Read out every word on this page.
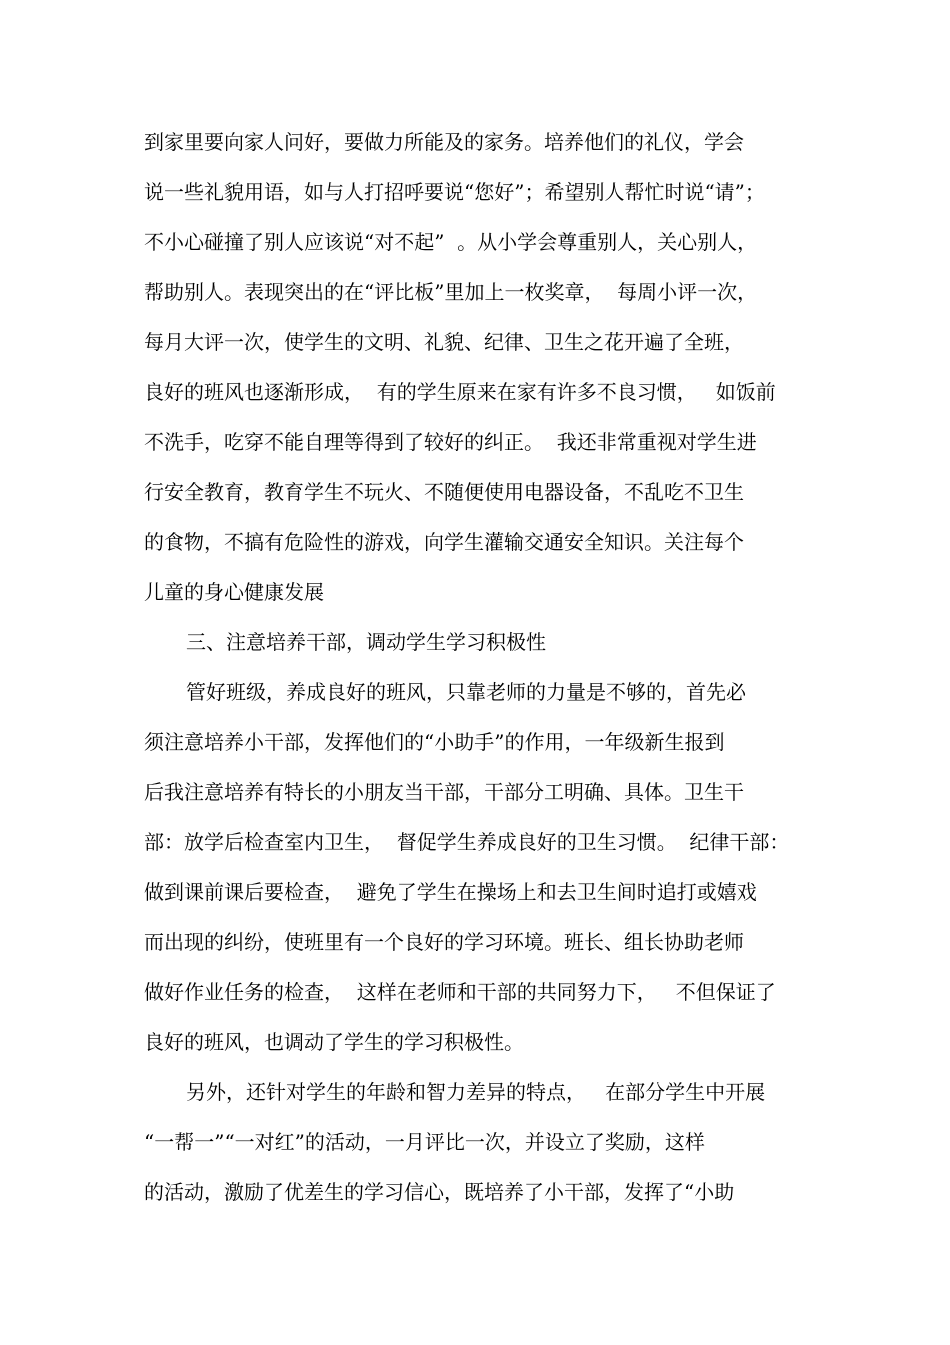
到家里要向家人问好，要做力所能及的家务。培养他们的礼仪，学会
说一些礼貌用语，如与人打招呼要说“您好”；希望别人帮忙时说“请”；
不小心碰撞了别人应该说“对不起”  。从小学会尊重别人，关心别人，
帮助别人。表现突出的在“评比板”里加上一枚奖章，  每周小评一次，
每月大评一次，使学生的文明、礼貌、纪律、卫生之花开遍了全班，
良好的班风也逐渐形成，  有的学生原来在家有许多不良习惯，   如饭前
不洗手，吃穿不能自理等得到了较好的纠正。  我还非常重视对学生进
行安全教育，教育学生不玩火、不随便使用电器设备，不乱吃不卫生
的食物，不搞有危险性的游戏，向学生灌输交通安全知识。关注每个
儿童的身心健康发展
三、注意培养干部，调动学生学习积极性
管好班级，养成良好的班风，只靠老师的力量是不够的，首先必
须注意培养小干部，发挥他们的“小助手”的作用，一年级新生报到
后我注意培养有特长的小朋友当干部，干部分工明确、具体。卫生干
部：放学后检查室内卫生，  督促学生养成良好的卫生习惯。  纪律干部：
做到课前课后要检查，  避免了学生在操场上和去卫生间时追打或嬉戏
而出现的纠纷，使班里有一个良好的学习环境。班长、组长协助老师
做好作业任务的检查，  这样在老师和干部的共同努力下，   不但保证了
良好的班风，也调动了学生的学习积极性。
另外，还针对学生的年龄和智力差异的特点，   在部分学生中开展
“一帮一”“一对红”的活动，一月评比一次，并设立了奖励，这样
的活动，激励了优差生的学习信心，既培养了小干部，发挥了“小助
